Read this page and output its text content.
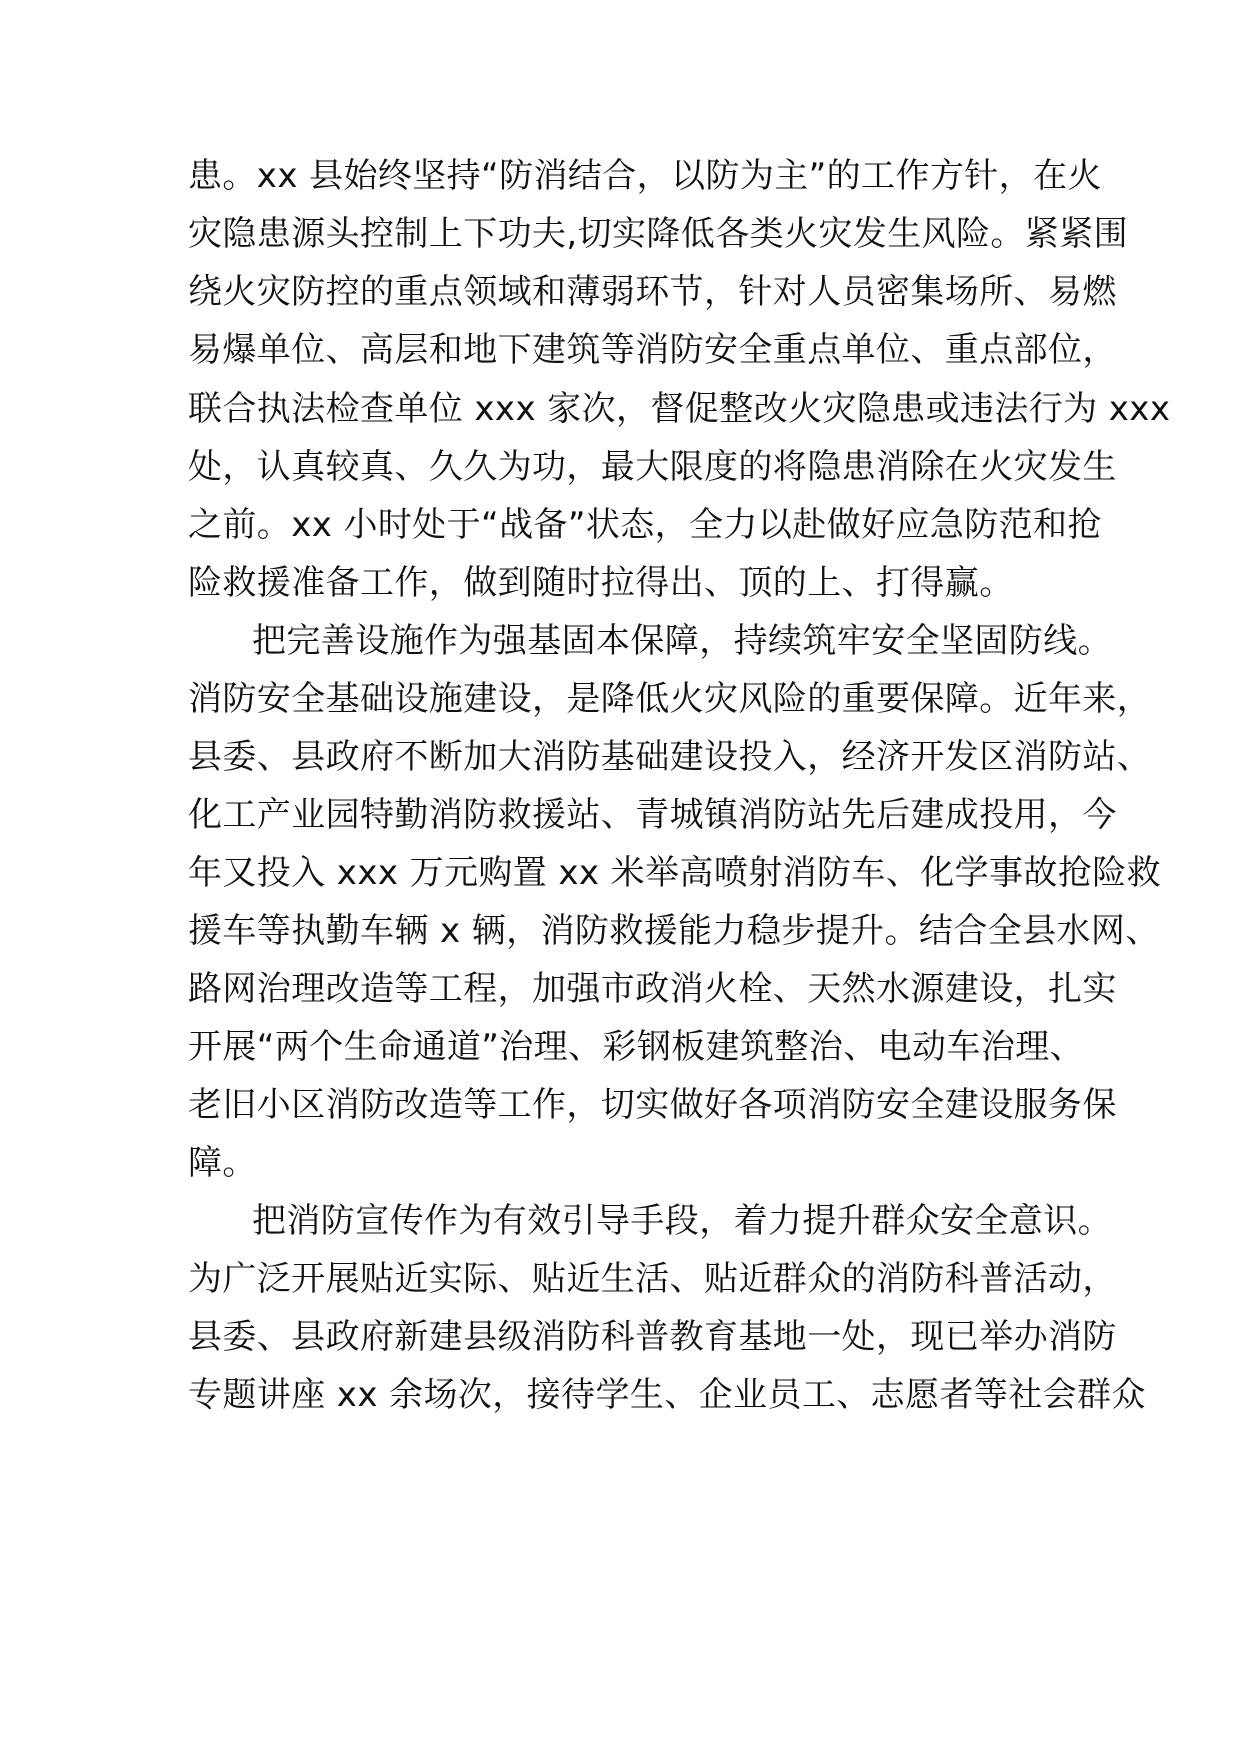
患。xx 县始终坚持“防消结合，以防为主”的工作方针，在火
灾隐患源头控制上下功夫,切实降低各类火灾发生风险。紧紧围
绕火灾防控的重点领域和薄弱环节，针对人员密集场所、易燃
易爆单位、高层和地下建筑等消防安全重点单位、重点部位，
联合执法检查单位 xxx 家次，督促整改火灾隐患或违法行为 xxx
处，认真较真、久久为功，最大限度的将隐患消除在火灾发生
之前。xx 小时处于“战备”状态，全力以赴做好应急防范和抢
险救援准备工作，做到随时拉得出、顶的上、打得赢。
把完善设施作为强基固本保障，持续筑牢安全坚固防线。
消防安全基础设施建设，是降低火灾风险的重要保障。近年来，
县委、县政府不断加大消防基础建设投入，经济开发区消防站、
化工产业园特勤消防救援站、青城镇消防站先后建成投用，今
年又投入 xxx 万元购置 xx 米举高喷射消防车、化学事故抢险救
援车等执勤车辆 x 辆，消防救援能力稳步提升。结合全县水网、
路网治理改造等工程，加强市政消火栓、天然水源建设，扎实
开展“两个生命通道”治理、彩钢板建筑整治、电动车治理、
老旧小区消防改造等工作，切实做好各项消防安全建设服务保
障。
把消防宣传作为有效引导手段，着力提升群众安全意识。
为广泛开展贴近实际、贴近生活、贴近群众的消防科普活动，
县委、县政府新建县级消防科普教育基地一处，现已举办消防
专题讲座 xx 余场次，接待学生、企业员工、志愿者等社会群众
